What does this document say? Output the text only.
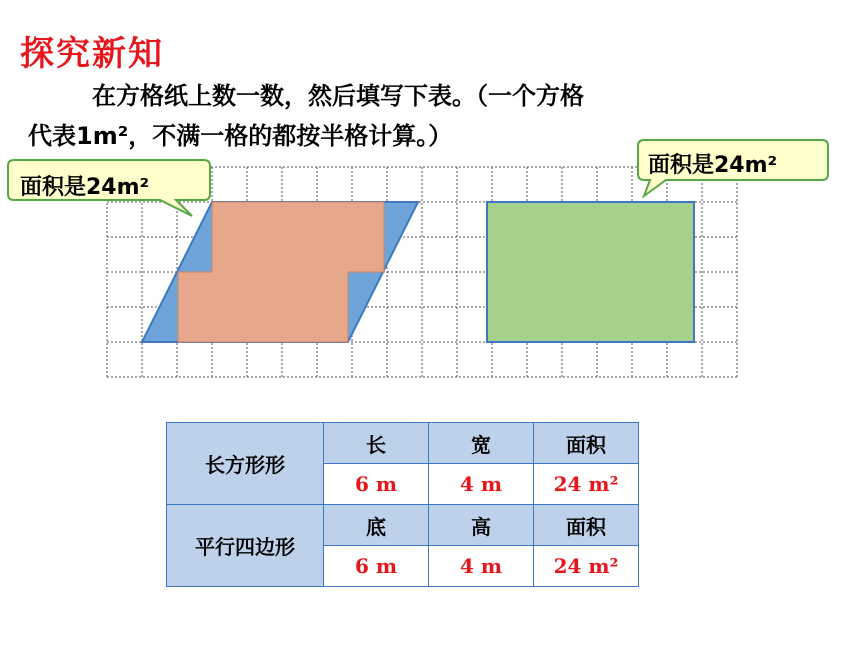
探究新知
在方格纸上数一数，然后填写下表。（一个方格
代表1m²，不满一格的都按半格计算。）
面积是24m²
面积是24m²
长方形形	长	宽	面积
	6 m	4 m	24 m²
平行四边形	底	高	面积
	6 m	4 m	24 m²
